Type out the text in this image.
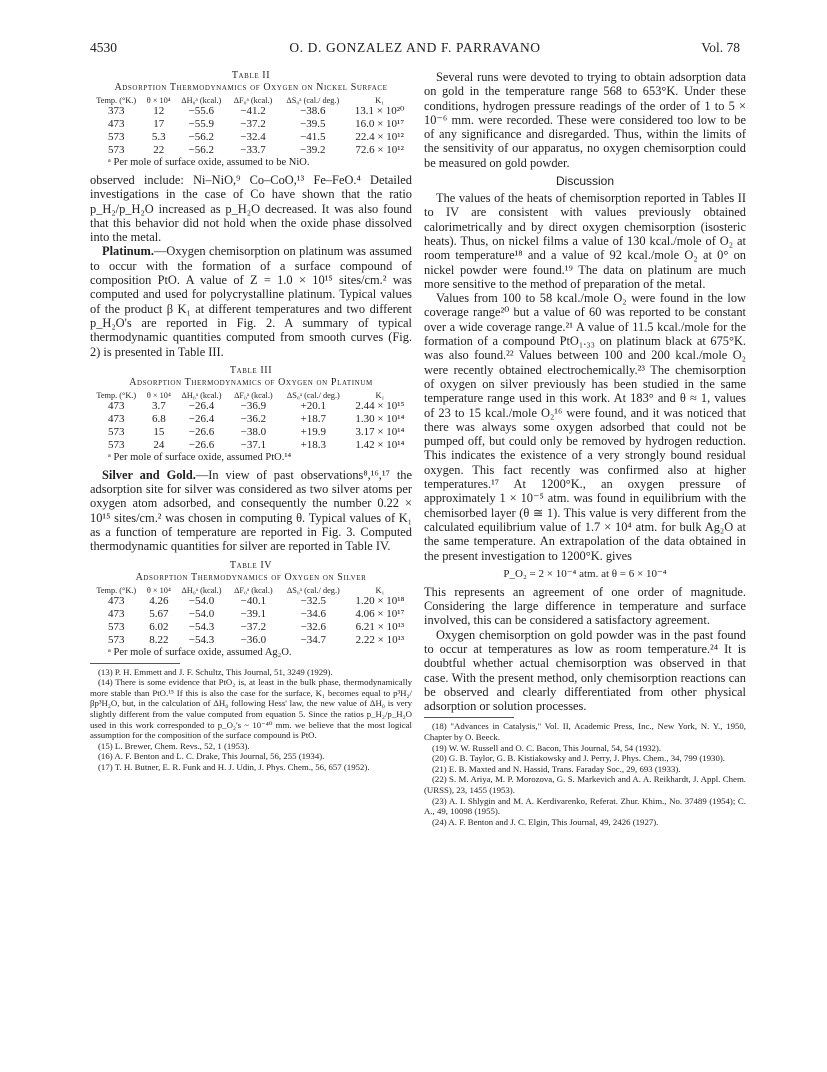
4530	O. D. GONZALEZ AND F. PARRAVANO	Vol. 78
Table II
Adsorption Thermodynamics of Oxygen on Nickel Surface
Temp. (°K.)	θ × 10⁴	ΔH₀ᵃ (kcal.)	ΔF₀ᵃ (kcal.)	ΔS₀ᵃ (cal./ deg.)	K₁
373	12	−55.6	−41.2	−38.6	13.1 × 10²⁰
473	17	−55.9	−37.2	−39.5	16.0 × 10¹⁷
573	5.3	−56.2	−32.4	−41.5	22.4 × 10¹²
573	22	−56.2	−33.7	−39.2	72.6 × 10¹²
ᵃ Per mole of surface oxide, assumed to be NiO.

observed include: Ni–NiO,⁹ Co–CoO,¹³ Fe–FeO.⁴ Detailed investigations in the case of Co have shown that the ratio p_H₂/p_H₂O increased as p_H₂O decreased. It was also found that this behavior did not hold when the oxide phase dissolved into the metal.

Platinum.—Oxygen chemisorption on platinum was assumed to occur with the formation of a surface compound of composition PtO. A value of Z = 1.0 × 10¹⁵ sites/cm.² was computed and used for polycrystalline platinum. Typical values of the product β K₁ at different temperatures and two different p_H₂O's are reported in Fig. 2. A summary of typical thermodynamic quantities computed from smooth curves (Fig. 2) is presented in Table III.

Table III
Adsorption Thermodynamics of Oxygen on Platinum
Temp. (°K.)	θ × 10⁴	ΔH₀ᵃ (kcal.)	ΔF₀ᵃ (kcal.)	ΔS₀ᵃ (cal./ deg.)	K₁
473	3.7	−26.4	−36.9	+20.1	2.44 × 10¹⁵
473	6.8	−26.4	−36.2	+18.7	1.30 × 10¹⁴
573	15	−26.6	−38.0	+19.9	3.17 × 10¹⁴
573	24	−26.6	−37.1	+18.3	1.42 × 10¹⁴
ᵃ Per mole of surface oxide, assumed PtO.¹⁴

Silver and Gold.—In view of past observations⁸,¹⁶,¹⁷ the adsorption site for silver was considered as two silver atoms per oxygen atom adsorbed, and consequently the number 0.22 × 10¹⁵ sites/cm.² was chosen in computing θ. Typical values of K₁ as a function of temperature are reported in Fig. 3. Computed thermodynamic quantities for silver are reported in Table IV.

Table IV
Adsorption Thermodynamics of Oxygen on Silver
Temp. (°K.)	θ × 10⁴	ΔH₀ᵃ (kcal.)	ΔF₀ᵃ (kcal.)	ΔS₀ᵃ (cal./ deg.)	K₁
473	4.26	−54.0	−40.1	−32.5	1.20 × 10¹⁸
473	5.67	−54.0	−39.1	−34.6	4.06 × 10¹⁷
573	6.02	−54.3	−37.2	−32.6	6.21 × 10¹³
573	8.22	−54.3	−36.0	−34.7	2.22 × 10¹³
ᵃ Per mole of surface oxide, assumed Ag₂O.

(13) P. H. Emmett and J. F. Schultz, This Journal, 51, 3249 (1929).

(14) There is some evidence that PtO₂ is, at least in the bulk phase, thermodynamically more stable than PtO.¹⁵ If this is also the case for the surface, K₁ becomes equal to p³H₂/βp³H₂O, but, in the calculation of ΔH₀ following Hess' law, the new value of ΔH₀ is very slightly different from the value computed from equation 5. Since the ratios p_H₂/p_H₂O used in this work corresponded to p_O₂'s ~ 10⁻⁴⁰ mm. we believe that the most logical assumption for the composition of the surface compound is PtO.

(15) L. Brewer, Chem. Revs., 52, 1 (1953).

(16) A. F. Benton and L. C. Drake, This Journal, 56, 255 (1934).

(17) T. H. Butner, E. R. Funk and H. J. Udin, J. Phys. Chem., 56, 657 (1952).

Several runs were devoted to trying to obtain adsorption data on gold in the temperature range 568 to 653°K. Under these conditions, hydrogen pressure readings of the order of 1 to 5 × 10⁻⁶ mm. were recorded. These were considered too low to be of any significance and disregarded. Thus, within the limits of the sensitivity of our apparatus, no oxygen chemisorption could be measured on gold powder.

Discussion

The values of the heats of chemisorption reported in Tables II to IV are consistent with values previously obtained calorimetrically and by direct oxygen chemisorption (isosteric heats). Thus, on nickel films a value of 130 kcal./mole of O₂ at room temperature¹⁸ and a value of 92 kcal./mole O₂ at 0° on nickel powder were found.¹⁹ The data on platinum are much more sensitive to the method of preparation of the metal.

Values from 100 to 58 kcal./mole O₂ were found in the low coverage range²⁰ but a value of 60 was reported to be constant over a wide coverage range.²¹ A value of 11.5 kcal./mole for the formation of a compound PtO₁.₃₃ on platinum black at 675°K. was also found.²² Values between 100 and 200 kcal./mole O₂ were recently obtained electrochemically.²³ The chemisorption of oxygen on silver previously has been studied in the same temperature range used in this work. At 183° and θ ≈ 1, values of 23 to 15 kcal./mole O₂¹⁶ were found, and it was noticed that there was always some oxygen adsorbed that could not be pumped off, but could only be removed by hydrogen reduction. This indicates the existence of a very strongly bound residual oxygen. This fact recently was confirmed also at higher temperatures.¹⁷ At 1200°K., an oxygen pressure of approximately 1 × 10⁻⁵ atm. was found in equilibrium with the chemisorbed layer (θ ≅ 1). This value is very different from the calculated equilibrium value of 1.7 × 10⁴ atm. for bulk Ag₂O at the same temperature. An extrapolation of the data obtained in the present investigation to 1200°K. gives

P_O₂ = 2 × 10⁻⁴ atm. at θ = 6 × 10⁻⁴

This represents an agreement of one order of magnitude. Considering the large difference in temperature and surface involved, this can be considered a satisfactory agreement.

Oxygen chemisorption on gold powder was in the past found to occur at temperatures as low as room temperature.²⁴ It is doubtful whether actual chemisorption was observed in that case. With the present method, only chemisorption reactions can be observed and clearly differentiated from other physical adsorption or solution processes.

(18) "Advances in Catalysis," Vol. II, Academic Press, Inc., New York, N. Y., 1950, Chapter by O. Beeck.

(19) W. W. Russell and O. C. Bacon, This Journal, 54, 54 (1932).

(20) G. B. Taylor, G. B. Kistiakowsky and J. Perry, J. Phys. Chem., 34, 799 (1930).

(21) E. B. Maxted and N. Hassid, Trans. Faraday Soc., 29, 693 (1933).

(22) S. M. Ariya, M. P. Morozova, G. S. Markevich and A. A. Reikhardt, J. Appl. Chem. (URSS), 23, 1455 (1953).

(23) A. I. Shlygin and M. A. Kerdivarenko, Referat. Zhur. Khim., No. 37489 (1954); C. A., 49, 10098 (1955).

(24) A. F. Benton and J. C. Elgin, This Journal, 49, 2426 (1927).
